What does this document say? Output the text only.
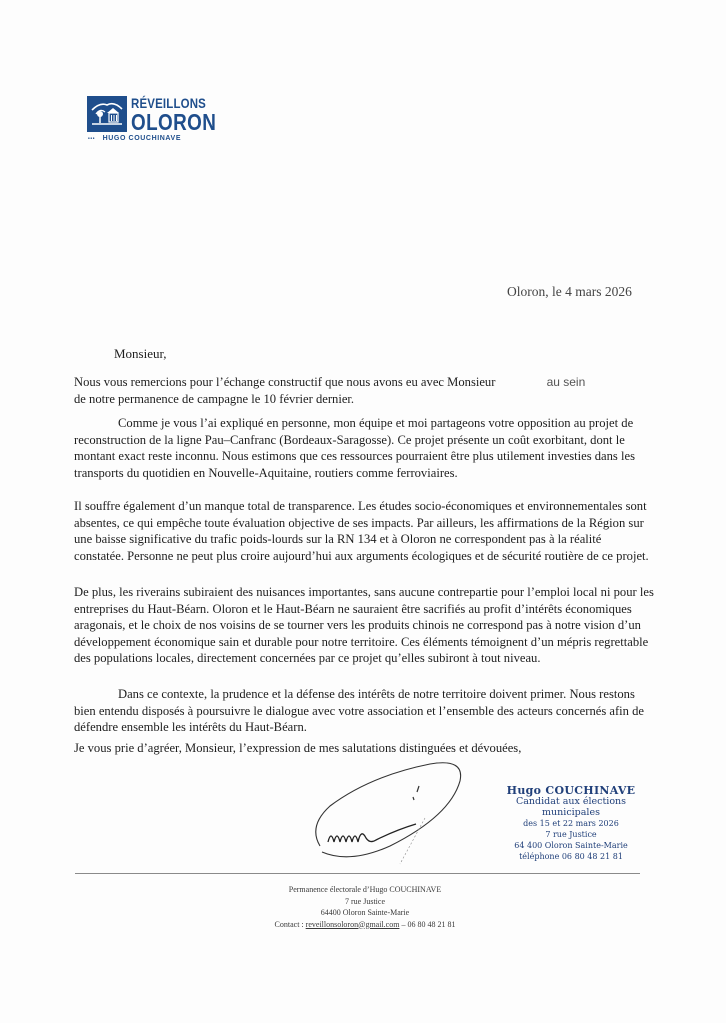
RÉVEILLONS
OLORON
••• HUGO COUCHINAVE
Oloron, le 4 mars 2026
Monsieur,

Nous vous remercions pour l’échange constructif que nous avons eu avec Monsieur	au sein
de notre permanence de campagne le 10 février dernier.

Comme je vous l’ai expliqué en personne, mon équipe et moi partageons votre opposition au projet de reconstruction de la ligne Pau–Canfranc (Bordeaux-Saragosse). Ce projet présente un coût exorbitant, dont le montant exact reste inconnu. Nous estimons que ces ressources pourraient être plus utilement investies dans les transports du quotidien en Nouvelle-Aquitaine, routiers comme ferroviaires.

Il souffre également d’un manque total de transparence. Les études socio-économiques et environnementales sont absentes, ce qui empêche toute évaluation objective de ses impacts. Par ailleurs, les affirmations de la Région sur une baisse significative du trafic poids-lourds sur la RN 134 et à Oloron ne correspondent pas à la réalité constatée. Personne ne peut plus croire aujourd’hui aux arguments écologiques et de sécurité routière de ce projet.

De plus, les riverains subiraient des nuisances importantes, sans aucune contrepartie pour l’emploi local ni pour les entreprises du Haut-Béarn. Oloron et le Haut-Béarn ne sauraient être sacrifiés au profit d’intérêts économiques aragonais, et le choix de nos voisins de se tourner vers les produits chinois ne correspond pas à notre vision d’un développement économique sain et durable pour notre territoire. Ces éléments témoignent d’un mépris regrettable des populations locales, directement concernées par ce projet qu’elles subiront à tout niveau.

Dans ce contexte, la prudence et la défense des intérêts de notre territoire doivent primer. Nous restons bien entendu disposés à poursuivre le dialogue avec votre association et l’ensemble des acteurs concernés afin de défendre ensemble les intérêts du Haut-Béarn.

Je vous prie d’agréer, Monsieur, l’expression de mes salutations distinguées et dévouées,

Hugo COUCHINAVE
Candidat aux élections municipales
des 15 et 22 mars 2026
7 rue Justice
64 400 Oloron Sainte-Marie
téléphone 06 80 48 21 81
Permanence électorale d’Hugo COUCHINAVE
7 rue Justice
64400 Oloron Sainte-Marie
Contact : reveillonsoloron@gmail.com – 06 80 48 21 81
